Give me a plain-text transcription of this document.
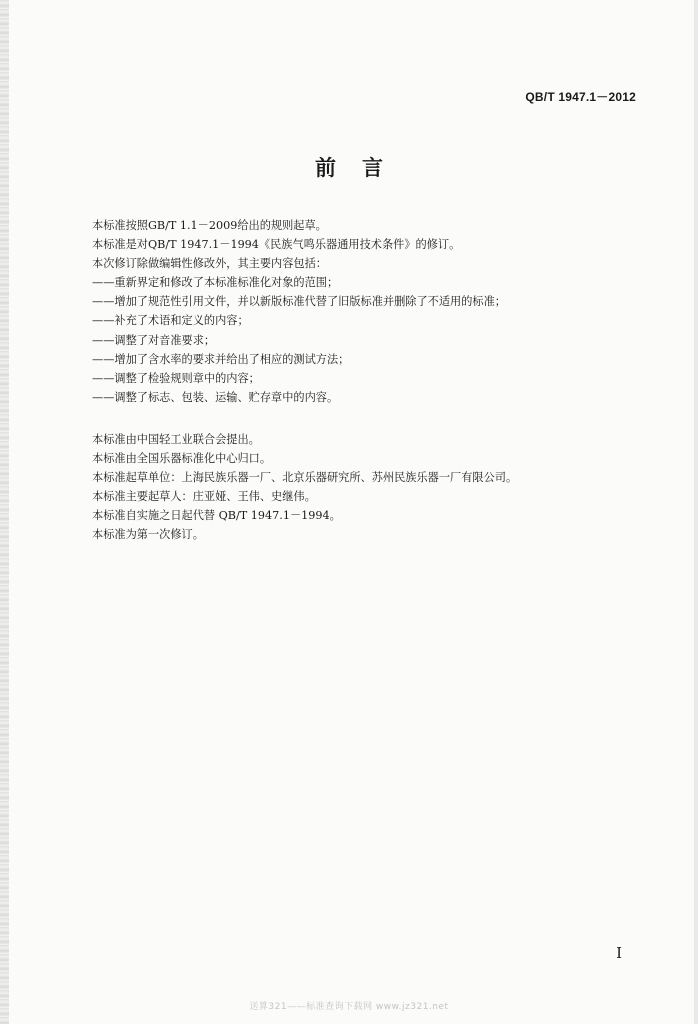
QB/T 1947.1－2012
前言
本标准按照GB/T 1.1－2009给出的规则起草。
本标准是对QB/T 1947.1－1994《民族气鸣乐器通用技术条件》的修订。
本次修订除做编辑性修改外，其主要内容包括：
——重新界定和修改了本标准标准化对象的范围；
——增加了规范性引用文件，并以新版标准代替了旧版标准并删除了不适用的标准；
——补充了术语和定义的内容；
——调整了对音准要求；
——增加了含水率的要求并给出了相应的测试方法；
——调整了检验规则章中的内容；
——调整了标志、包装、运输、贮存章中的内容。
本标准由中国轻工业联合会提出。
本标准由全国乐器标准化中心归口。
本标准起草单位：上海民族乐器一厂、北京乐器研究所、苏州民族乐器一厂有限公司。
本标准主要起草人：庄亚娅、王伟、史继伟。
本标准自实施之日起代替 QB/T 1947.1－1994。
本标准为第一次修订。
I
送算321——标准查询下载网 www.jz321.net
